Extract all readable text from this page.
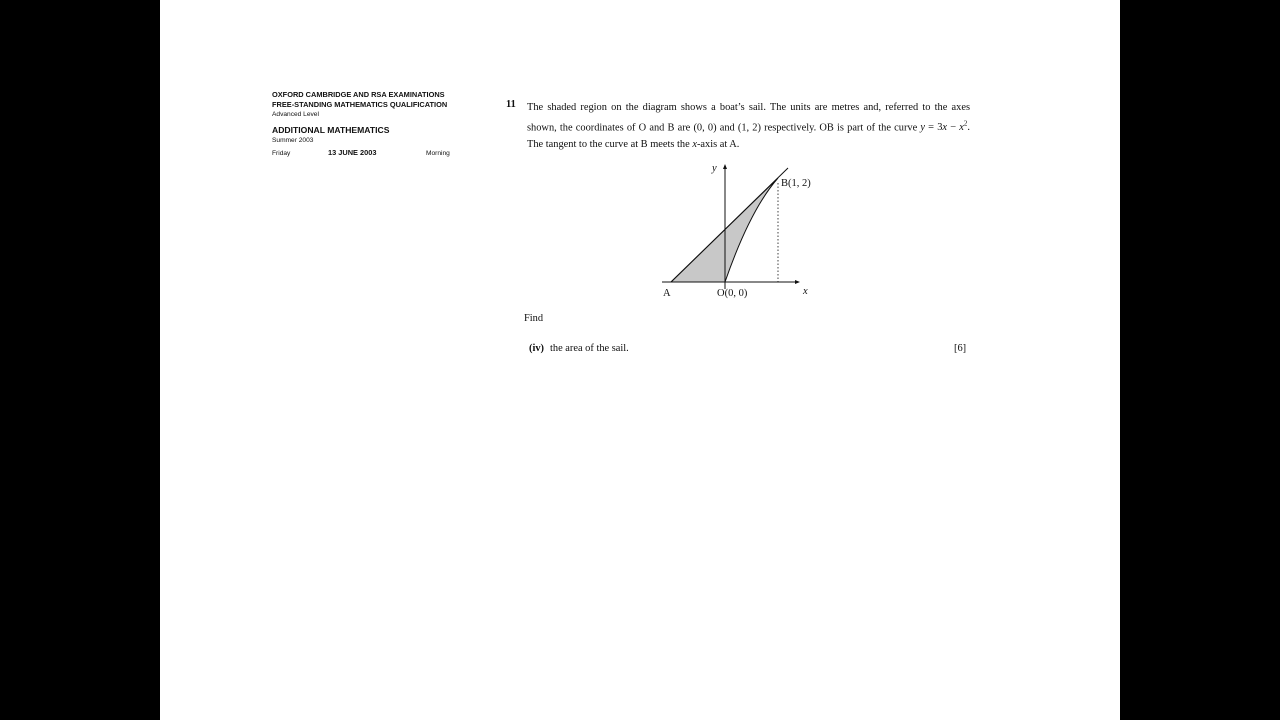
OXFORD CAMBRIDGE AND RSA EXAMINATIONS
FREE-STANDING MATHEMATICS QUALIFICATION
Advanced Level
ADDITIONAL MATHEMATICS
Summer 2003
Friday	13 JUNE 2003	Morning
11 The shaded region on the diagram shows a boat’s sail. The units are metres and, referred to the axes shown, the coordinates of O and B are (0, 0) and (1, 2) respectively. OB is part of the curve $y = 3x - x^2$. The tangent to the curve at B meets the x-axis at A.
y
x
A	O(0, 0)
B(1, 2)
Find
(iv) the area of the sail.	[6]
